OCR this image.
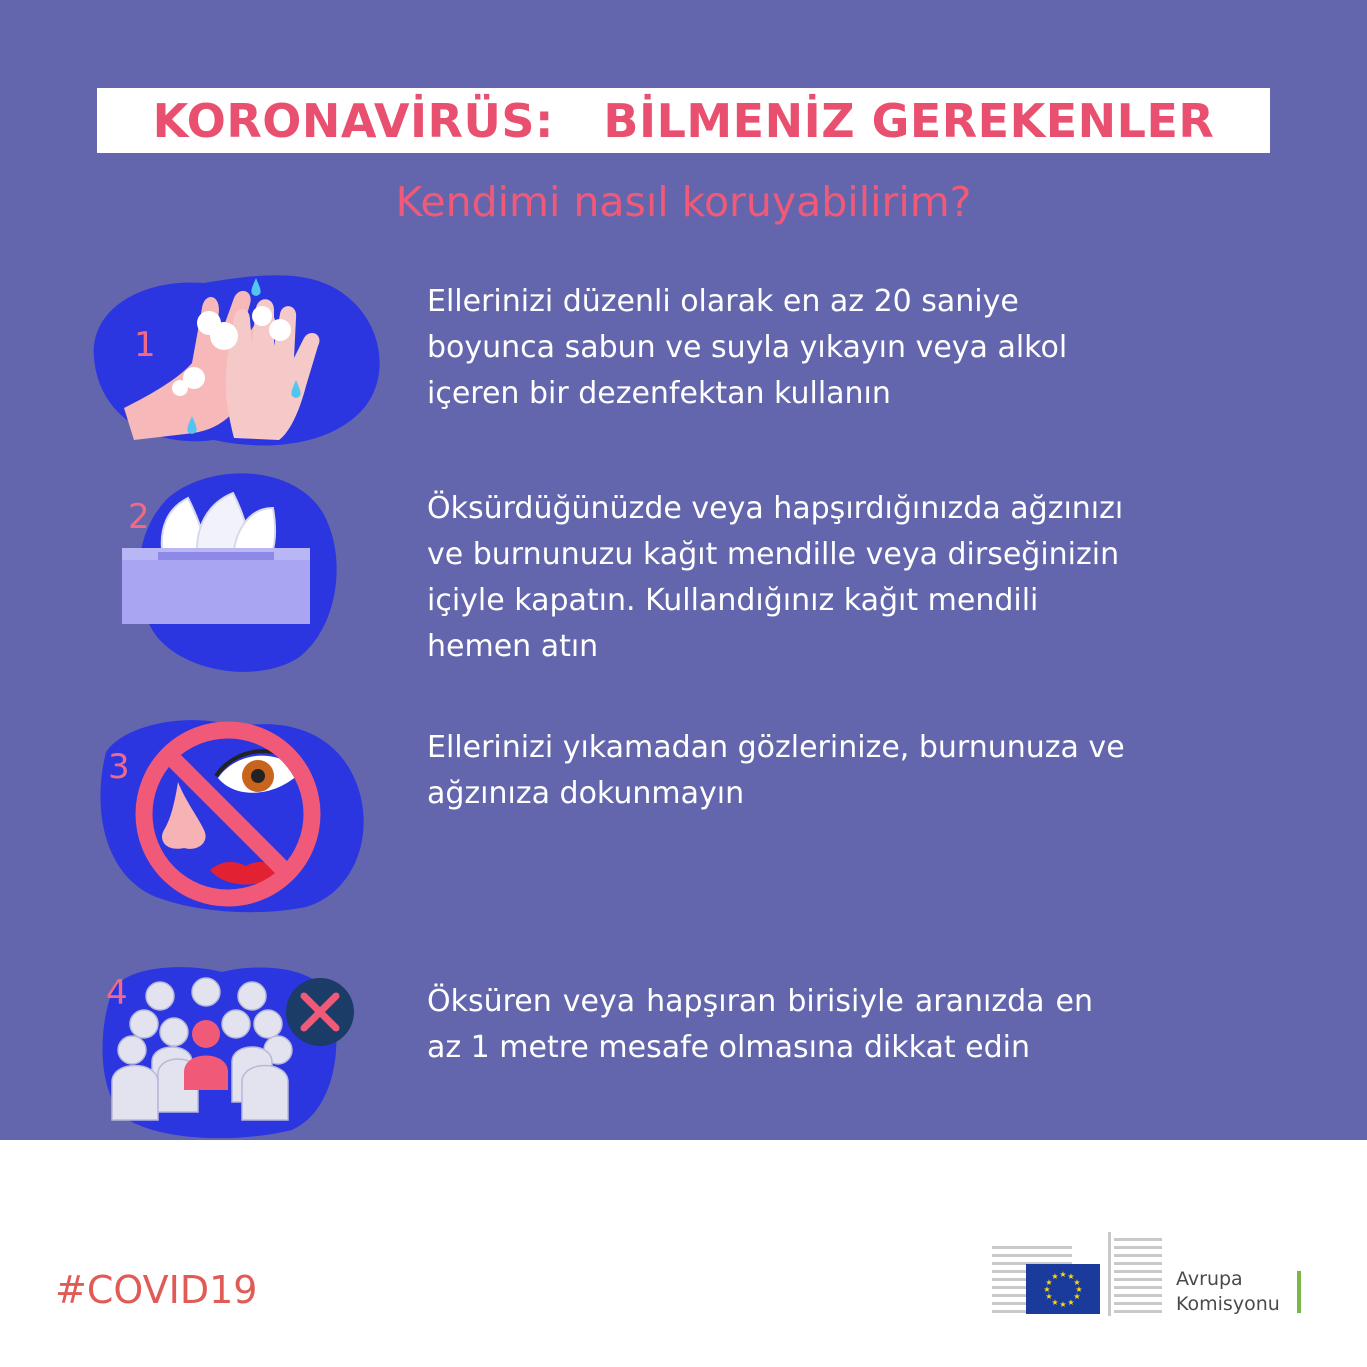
KORONAVİRÜS:   BİLMENİZ GEREKENLER
Kendimi nasıl koruyabilirim?
1
Ellerinizi düzenli olarak en az 20 saniye boyunca sabun ve suyla yıkayın veya alkol içeren bir dezenfektan kullanın
2	Öksürdüğünüzde veya hapşırdığınızda ağzınızı ve burnunuzu kağıt mendille veya dirseğinizin içiyle kapatın. Kullandığınız kağıt mendili hemen atın
3	Ellerinizi yıkamadan gözlerinize, burnunuza ve ağzınıza dokunmayın
4	Öksüren veya hapşıran birisiyle aranızda en az 1 metre mesafe olmasına dikkat edin
#COVID19	★ ★
★
★
★
★
★
★
★
★
★
★	Avrupa
Komisyonu
